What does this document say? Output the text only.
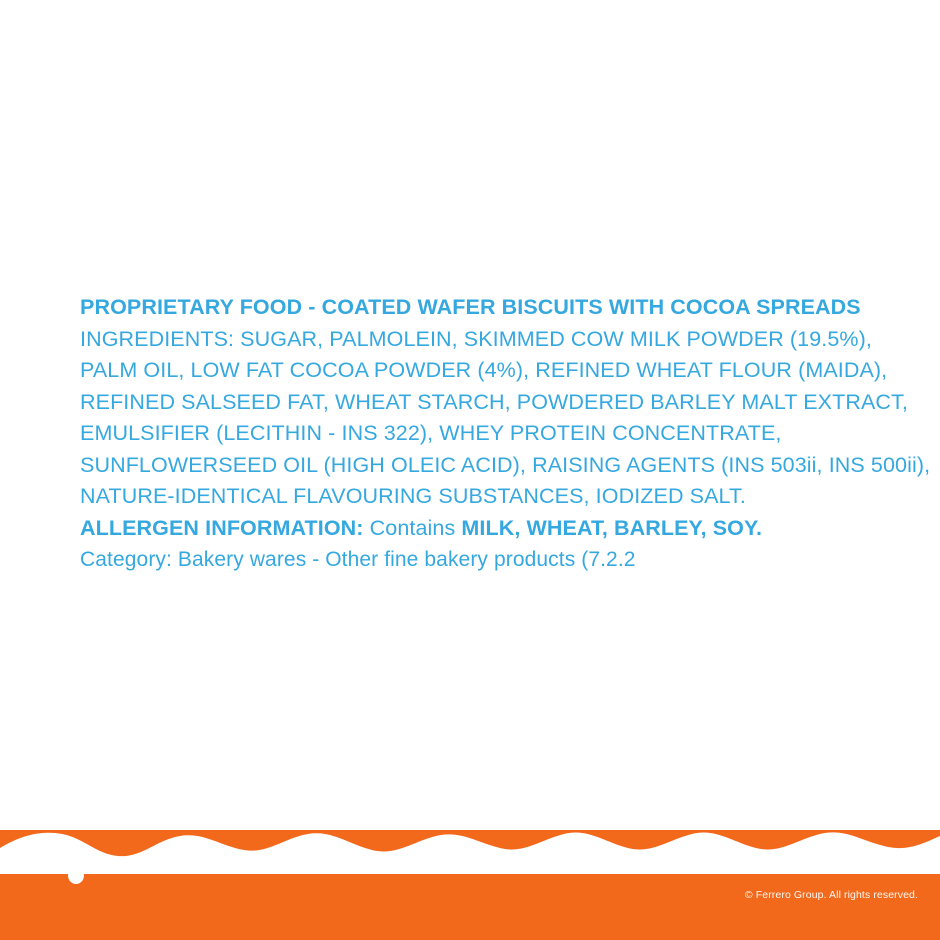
PROPRIETARY FOOD - COATED WAFER BISCUITS WITH COCOA SPREADS
INGREDIENTS: SUGAR, PALMOLEIN, SKIMMED COW MILK POWDER (19.5%),
PALM OIL, LOW FAT COCOA POWDER (4%), REFINED WHEAT FLOUR (MAIDA),
REFINED SALSEED FAT, WHEAT STARCH, POWDERED BARLEY MALT EXTRACT,
EMULSIFIER (LECITHIN - INS 322), WHEY PROTEIN CONCENTRATE,
SUNFLOWERSEED OIL (HIGH OLEIC ACID), RAISING AGENTS (INS 503ii, INS 500ii),
NATURE-IDENTICAL FLAVOURING SUBSTANCES, IODIZED SALT.
ALLERGEN INFORMATION: Contains MILK, WHEAT, BARLEY, SOY.
Category: Bakery wares - Other fine bakery products (7.2.2
© Ferrero Group. All rights reserved.
